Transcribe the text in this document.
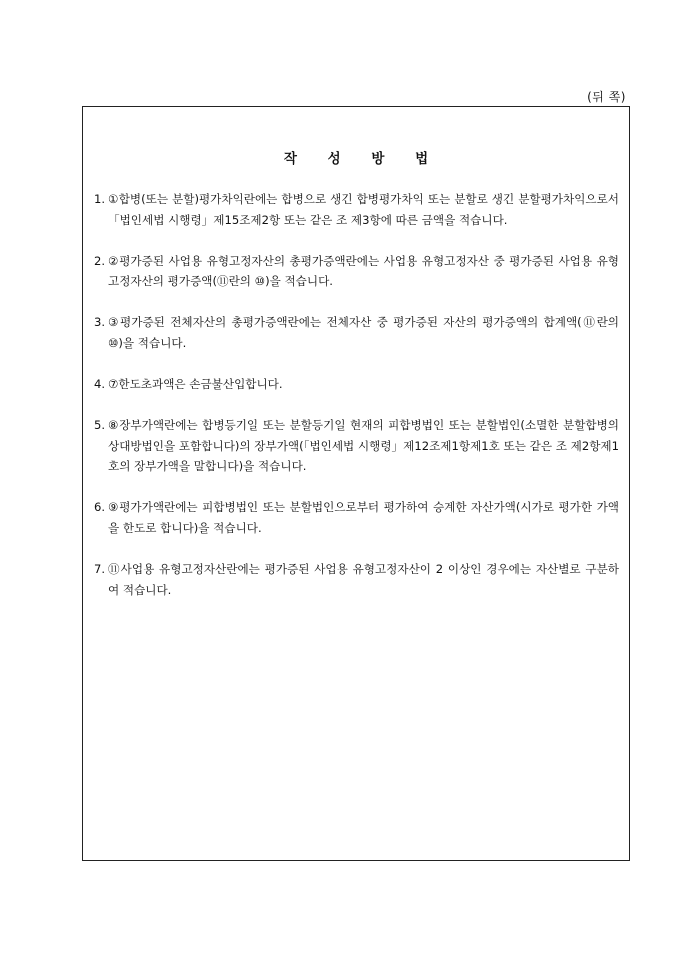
(뒤 쪽)
작 성 방 법
1. ①합병(또는 분할)평가차익란에는 합병으로 생긴 합병평가차익 또는 분할로 생긴 분할평가차익으로서「법인세법 시행령」제15조제2항 또는 같은 조 제3항에 따른 금액을 적습니다.
2. ②평가증된 사업용 유형고정자산의 총평가증액란에는 사업용 유형고정자산 중 평가증된 사업용 유형고정자산의 평가증액(⑪란의 ⑩)을 적습니다.
3. ③평가증된 전체자산의 총평가증액란에는 전체자산 중 평가증된 자산의 평가증액의 합계액(⑪란의 ⑩)을 적습니다.
4. ⑦한도초과액은 손금불산입합니다.
5. ⑧장부가액란에는 합병등기일 또는 분할등기일 현재의 피합병법인 또는 분할법인(소멸한 분할합병의 상대방법인을 포함합니다)의 장부가액(「법인세법 시행령」제12조제1항제1호 또는 같은 조 제2항제1호의 장부가액을 말합니다)을 적습니다.
6. ⑨평가가액란에는 피합병법인 또는 분할법인으로부터 평가하여 승계한 자산가액(시가로 평가한 가액을 한도로 합니다)을 적습니다.
7. ⑪사업용 유형고정자산란에는 평가증된 사업용 유형고정자산이 2 이상인 경우에는 자산별로 구분하여 적습니다.
